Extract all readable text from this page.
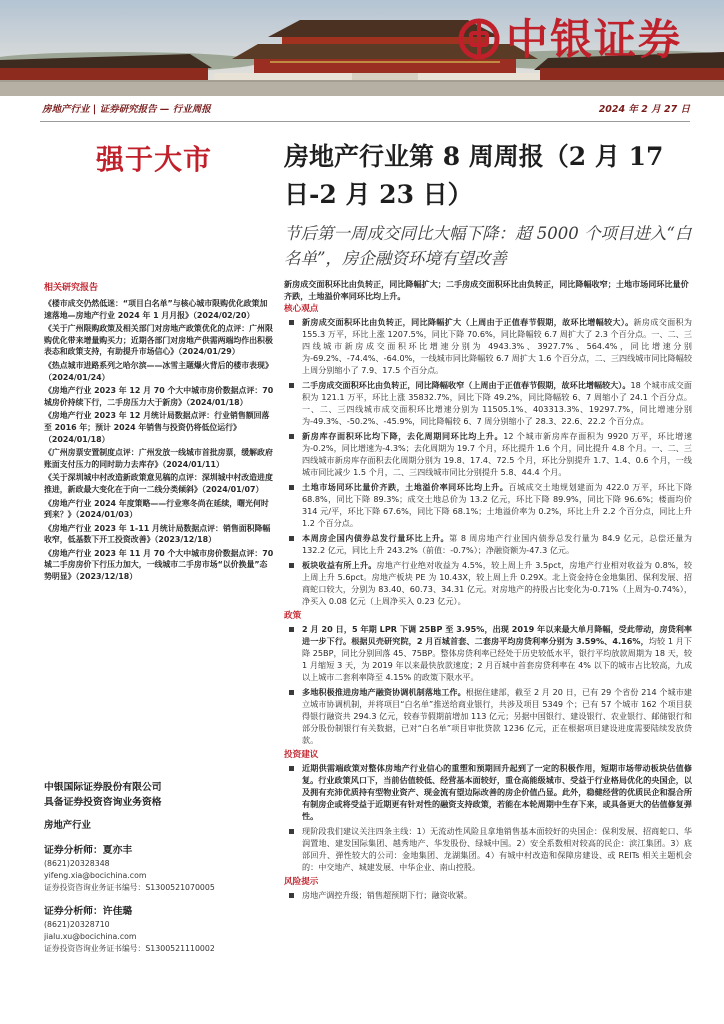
中银证券
房地产行业 | 证券研究报告 — 行业周报	2024 年 2 月 27 日
强于大市	房地产行业第 8 周周报（2 月 17 日-2 月 23 日）
节后第一周成交同比大幅下降：超 5000 个项目进入“白名单”，房企融资环境有望改善

新房成交面积环比由负转正，同比降幅扩大；二手房成交面积环比由负转正，同比降幅收窄；土地市场同环比量价齐跌，土地溢价率同环比均上升。

核心观点

新房成交面积环比由负转正，同比降幅扩大（上周由于正值春节假期，故环比增幅较大）。新房成交面积为 155.3 万平，环比上涨 1207.5%，同比下降 70.6%，同比降幅较 6.7 周扩大了 2.3 个百分点。一、二、三四线城市新房成交面积环比增速分别为 4943.3%、3927.7%、564.4%，同比增速分别为-69.2%、-74.4%、-64.0%，一线城市同比降幅较 6.7 周扩大 1.6 个百分点，二、三四线城市同比降幅较上周分别缩小了 7.9、17.5 个百分点。

二手房成交面积环比由负转正，同比降幅收窄（上周由于正值春节假期，故环比增幅较大）。18 个城市成交面积为 121.1 万平，环比上涨 35832.7%，同比下降 49.2%，同比降幅较 6、7 周缩小了 24.1 个百分点。一、二、三四线城市成交面积环比增速分别为 11505.1%、403313.3%、19297.7%，同比增速分别为-49.3%、-50.2%、-45.9%，同比降幅较 6、7 周分别缩小了 28.3、22.6、22.2 个百分点。

新房库存面积环比均下降，去化周期同环比均上升。12 个城市新房库存面积为 9920 万平，环比增速为-0.2%，同比增速为-4.3%；去化周期为 19.7 个月，环比提升 1.6 个月，同比提升 4.8 个月。一、二、三四线城市新房库存面积去化周期分别为 19.8、17.4、72.5 个月，环比分别提升 1.7、1.4、0.6 个月，一线城市同比减少 1.5 个月，二、三四线城市同比分别提升 5.8、44.4 个月。

土地市场同环比量价齐跌，土地溢价率同环比均上升。百城成交土地规划建面为 422.0 万平，环比下降 68.8%，同比下降 89.3%；成交土地总价为 13.2 亿元，环比下降 89.9%，同比下降 96.6%；楼面均价 314 元/平，环比下降 67.6%，同比下降 68.1%；土地溢价率为 0.2%，环比上升 2.2 个百分点，同比上升 1.2 个百分点。

本周房企国内债券总发行量环比上升。第 8 周房地产行业国内债券总发行量为 84.9 亿元，总偿还量为 132.2 亿元，同比上升 243.2%（前值：-0.7%）；净融资额为-47.3 亿元。

板块收益有所上升。房地产行业绝对收益为 4.5%，较上周上升 3.5pct，房地产行业相对收益为 0.8%，较上周上升 5.6pct。房地产板块 PE 为 10.43X，较上周上升 0.29X。北上资金持仓金地集团、保利发展、招商蛇口较大，分别为 83.40、60.73、34.31 亿元。对房地产的持股占比变化为-0.71%（上周为-0.74%），净买入 0.08 亿元（上周净买入 0.23 亿元）。

政策

2 月 20 日，5 年期 LPR 下调 25BP 至 3.95%，出现 2019 年以来最大单月降幅，受此带动，房贷利率进一步下行。根据贝壳研究院，2 月百城首套、二套房平均房贷利率分别为 3.59%、4.16%，均较 1 月下降 25BP，同比分别回落 45、75BP。整体房贷利率已经处于历史较低水平，银行平均放款周期为 18 天，较 1 月缩短 3 天，为 2019 年以来最快放款速度；2 月百城中首套房贷利率在 4% 以下的城市占比较高，九成以上城市二套利率降至 4.15% 的政策下限水平。

多地积极推进房地产融资协调机制落地工作。根据住建部，截至 2 月 20 日，已有 29 个省份 214 个城市建立城市协调机制，并将项目“白名单”推送给商业银行，共涉及项目 5349 个；已有 57 个城市 162 个项目获得银行融资共 294.3 亿元，较春节假期前增加 113 亿元；另据中国银行、建设银行、农业银行、邮储银行和部分股份制银行有关数据，已对“白名单”项目审批贷款 1236 亿元，正在根据项目建设进度需要陆续发放贷款。

投资建议

近期供需端政策对整体房地产行业信心的重塑和预期回升起到了一定的积极作用，短期市场带动板块估值修复。行业政策风口下，当前估值较低、经营基本面较好，重仓高能级城市、受益于行业格局优化的央国企，以及拥有充沛优质持有型物业资产、现金流有望边际改善的房企价值凸显。此外，稳健经营的优质民企和混合所有制房企或将受益于近期更有针对性的融资支持政策，若能在本轮周期中生存下来，或具备更大的估值修复弹性。

现阶段我们建议关注四条主线：1）无流动性风险且拿地销售基本面较好的央国企：保利发展、招商蛇口、华润置地、建发国际集团、越秀地产、华发股份、绿城中国。2）安全系数相对较高的民企：滨江集团。3）底部回升、弹性较大的公司：金地集团、龙湖集团。4）有城中村改造和保障房建设、或 REITs 相关主题机会的：中交地产、城建发展、中华企业、南山控股。

风险提示

房地产调控升级；销售超预期下行；融资收紧。

相关研究报告

《楼市成交仍然低迷：“项目白名单”与核心城市限购优化政策加速落地—房地产行业 2024 年 1 月月报》（2024/02/20）

《关于广州限购政策及相关部门对房地产政策优化的点评：广州限购优化带来增量购买力；近期各部门对房地产供需两端均作出积极表态和政策支持，有助提升市场信心》（2024/01/29）

《热点城市进路系列之哈尔滨——冰雪主题爆火背后的楼市表现》（2024/01/24）

《房地产行业 2023 年 12 月 70 个大中城市房价数据点评：70 城房价持续下行，二手房压力大于新房》（2024/01/18）

《房地产行业 2023 年 12 月统计局数据点评：行业销售额回落至 2016 年；预计 2024 年销售与投资仍将低位运行》（2024/01/18）

《广州房票安置制度点评：广州发放一线城市首批房票，缓解政府账面支付压力的同时助力去库存》（2024/01/11）

《关于深圳城中村改造新政策意见稿的点评：深圳城中村改造进度推进，新政最大变化在于向一二线分类倾斜》（2024/01/07）

《房地产行业 2024 年度策略——行业寒冬尚在延续，曙光何时到来？》（2024/01/03）

《房地产行业 2023 年 1-11 月统计局数据点评：销售面积降幅收窄，低基数下开工投资改善》（2023/12/18）

《房地产行业 2023 年 11 月 70 个大中城市房价数据点评：70 城二手房房价下行压力加大，一线城市二手房市场“以价换量”态势明显》（2023/12/18）

中银国际证券股份有限公司
具备证券投资咨询业务资格
房地产行业
证券分析师：夏亦丰
(8621)20328348
yifeng.xia@bocichina.com
证券投资咨询业务证书编号：S1300521070005
证券分析师：许佳璐
(8621)20328710
jialu.xu@bocichina.com
证券投资咨询业务证书编号：S1300521110002
